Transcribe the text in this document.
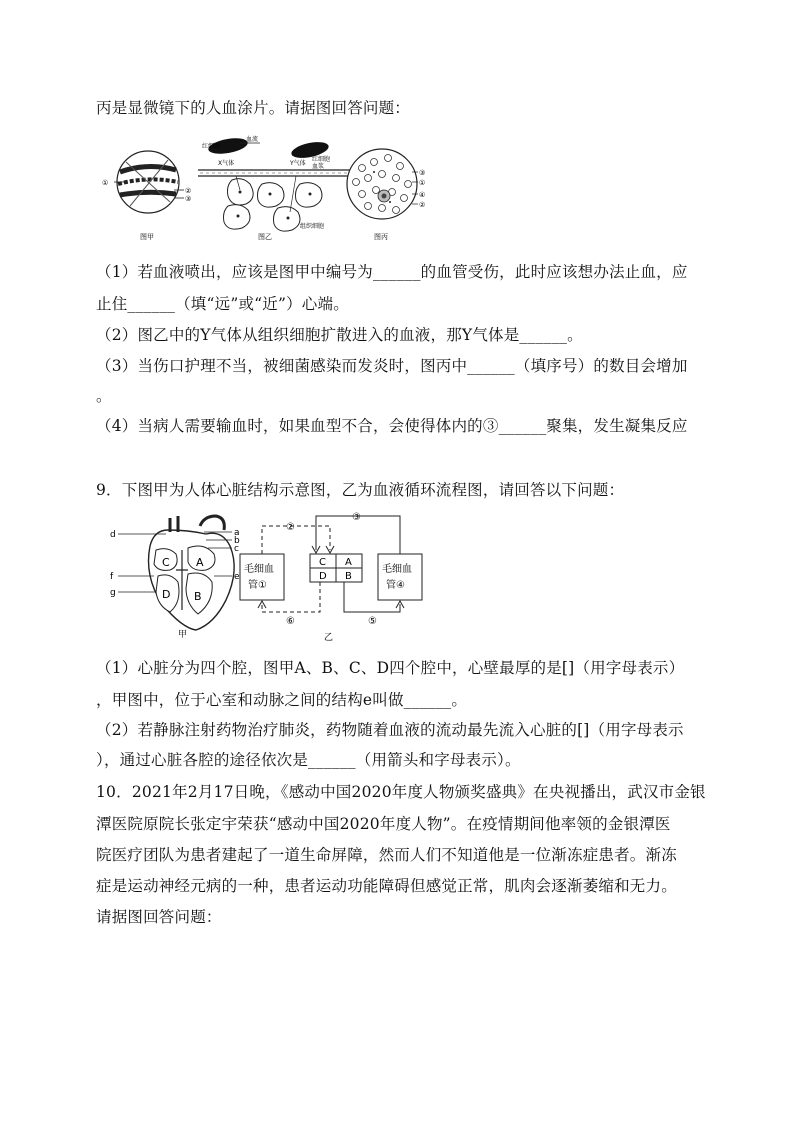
丙是显微镜下的人血涂片。请据图回答问题：
①
②
③
图甲
血流
红细胞
X气体
红细胞
血浆
Y气体
组织细胞
图乙
③
①
④
②
图丙
（1）若血液喷出，应该是图甲中编号为______的血管受伤，此时应该想办法止血，应
止住______（填“远”或“近”）心端。
（2）图乙中的Y气体从组织细胞扩散进入的血液，那Y气体是______。
（3）当伤口护理不当，被细菌感染而发炎时，图丙中______（填序号）的数目会增加
。
（4）当病人需要输血时，如果血型不合，会使得体内的③______聚集，发生凝集反应
9．下图甲为人体心脏结构示意图，乙为血液循环流程图，请回答以下问题：
d	a
b
c
e
f
g
C A
D B
甲
毛细血
管①
C A
D B
毛细血
管④
②
③
⑥	⑤
乙
（1）心脏分为四个腔，图甲A、B、C、D四个腔中，心壁最厚的是[]（用字母表示）
，甲图中，位于心室和动脉之间的结构e叫做______。
（2）若静脉注射药物治疗肺炎，药物随着血液的流动最先流入心脏的[]（用字母表示
），通过心脏各腔的途径依次是______（用箭头和字母表示）。
10．2021年2月17日晚，《感动中国2020年度人物颁奖盛典》在央视播出，武汉市金银
潭医院原院长张定宇荣获“感动中国2020年度人物”。在疫情期间他率领的金银潭医
院医疗团队为患者建起了一道生命屏障，然而人们不知道他是一位渐冻症患者。渐冻
症是运动神经元病的一种，患者运动功能障碍但感觉正常，肌肉会逐渐萎缩和无力。
请据图回答问题：
